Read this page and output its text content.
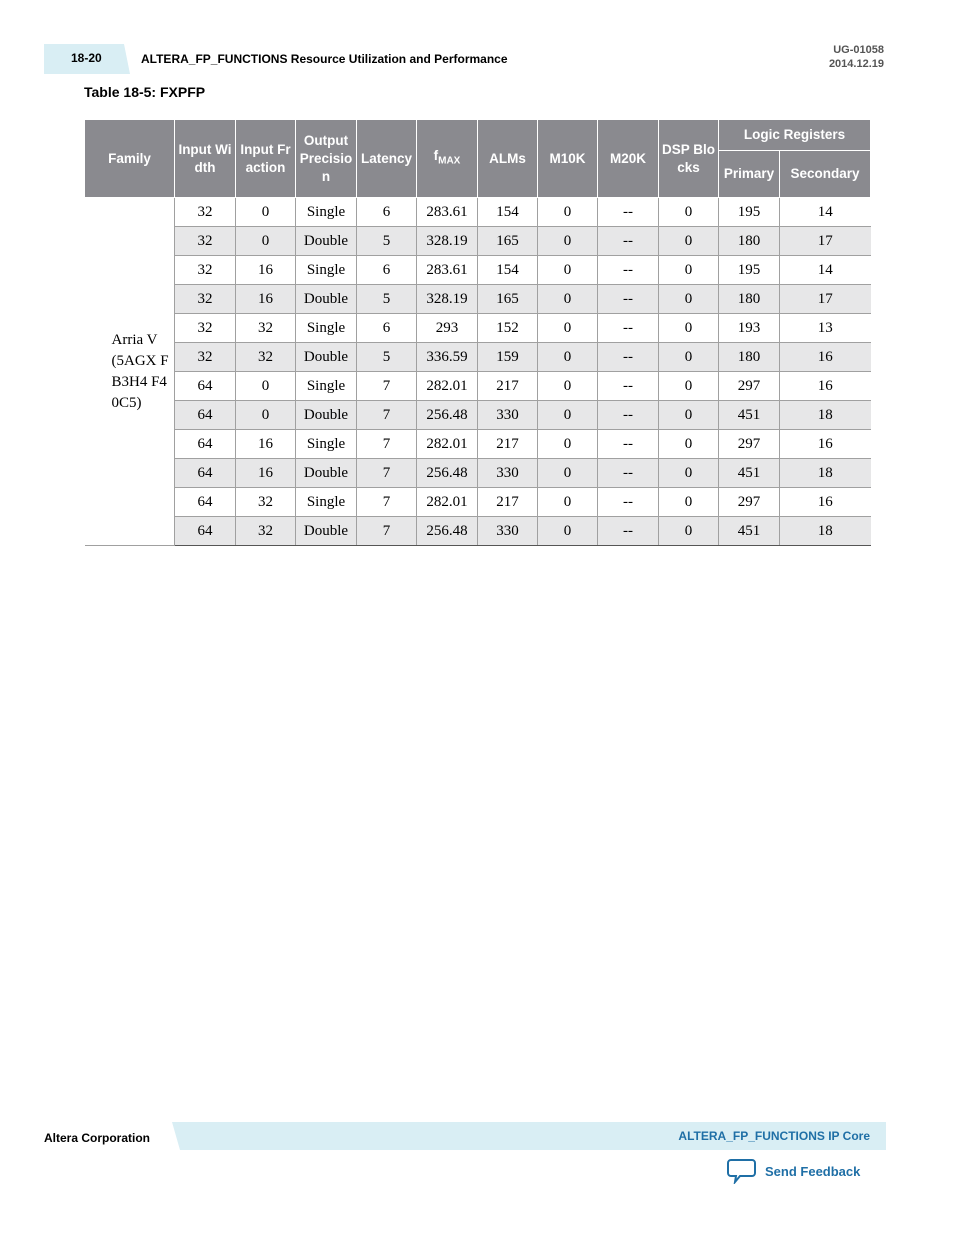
18-20	ALTERA_FP_FUNCTIONS Resource Utilization and Performance
UG-01058
2014.12.19
Table 18-5: FXPFP
Family	Input Width	Input Fraction	Output Precision	Latency	$f_{MAX}$	ALMs	M10K	M20K	DSP Blocks	Logic Registers	
										Primary	Secondary
Arria V (5AGX FB3H4 F40C5)	32	0	Single	6	283.61	154	0	--	0	195	14
	32	0	Double	5	328.19	165	0	--	0	180	17
	32	16	Single	6	283.61	154	0	--	0	195	14
	32	16	Double	5	328.19	165	0	--	0	180	17
	32	32	Single	6	293	152	0	--	0	193	13
	32	32	Double	5	336.59	159	0	--	0	180	16
	64	0	Single	7	282.01	217	0	--	0	297	16
	64	0	Double	7	256.48	330	0	--	0	451	18
	64	16	Single	7	282.01	217	0	--	0	297	16
	64	16	Double	7	256.48	330	0	--	0	451	18
	64	32	Single	7	282.01	217	0	--	0	297	16
	64	32	Double	7	256.48	330	0	--	0	451	18
Altera Corporation	ALTERA_FP_FUNCTIONS IP Core
Send Feedback
